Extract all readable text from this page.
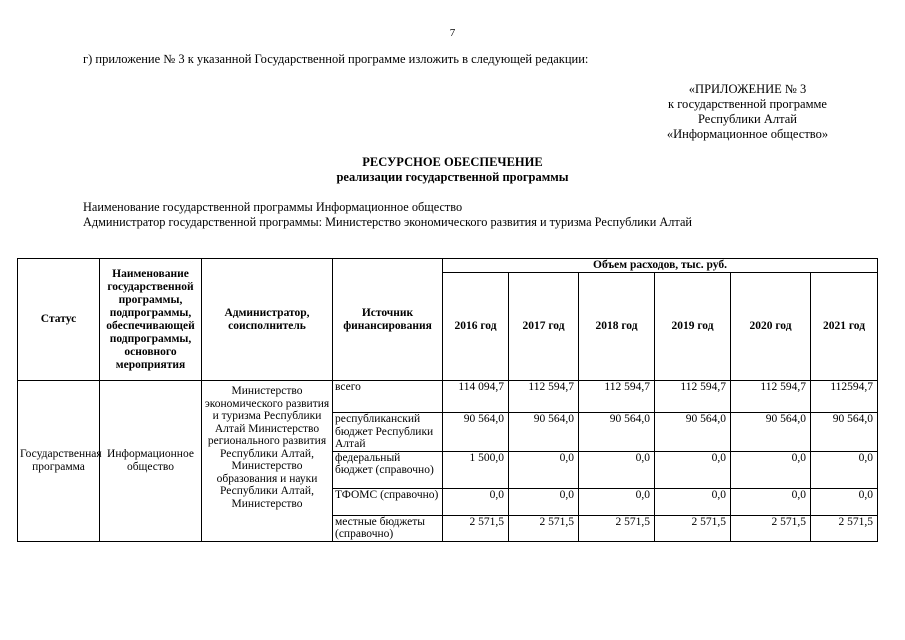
7
г) приложение № 3 к указанной Государственной программе изложить в следующей редакции:
«ПРИЛОЖЕНИЕ № 3
к государственной программе
Республики Алтай
«Информационное общество»
РЕСУРСНОЕ ОБЕСПЕЧЕНИЕ
реализации государственной программы
Наименование государственной программы Информационное общество
Администратор государственной программы: Министерство экономического развития и туризма Республики Алтай
Статус	Наименование государственной программы, подпрограммы, обеспечивающей подпрограммы, основного мероприятия	Администратор, соисполнитель	Источник финансирования	Объем расходов, тыс. руб.					
				2016 год	2017 год	2018 год	2019 год	2020 год	2021 год
Государственная программа	Информационное общество	Министерство экономического развития и туризма Республики Алтай Министерство регионального развития Республики Алтай, Министерство образования и науки Республики Алтай, Министерство	всего	114 094,7	112 594,7	112 594,7	112 594,7	112 594,7	112594,7
			республиканский бюджет Республики Алтай	90 564,0	90 564,0	90 564,0	90 564,0	90 564,0	90 564,0
			федеральный бюджет (справочно)	1 500,0	0,0	0,0	0,0	0,0	0,0
			ТФОМС (справочно)	0,0	0,0	0,0	0,0	0,0	0,0
			местные бюджеты (справочно)	2 571,5	2 571,5	2 571,5	2 571,5	2 571,5	2 571,5
